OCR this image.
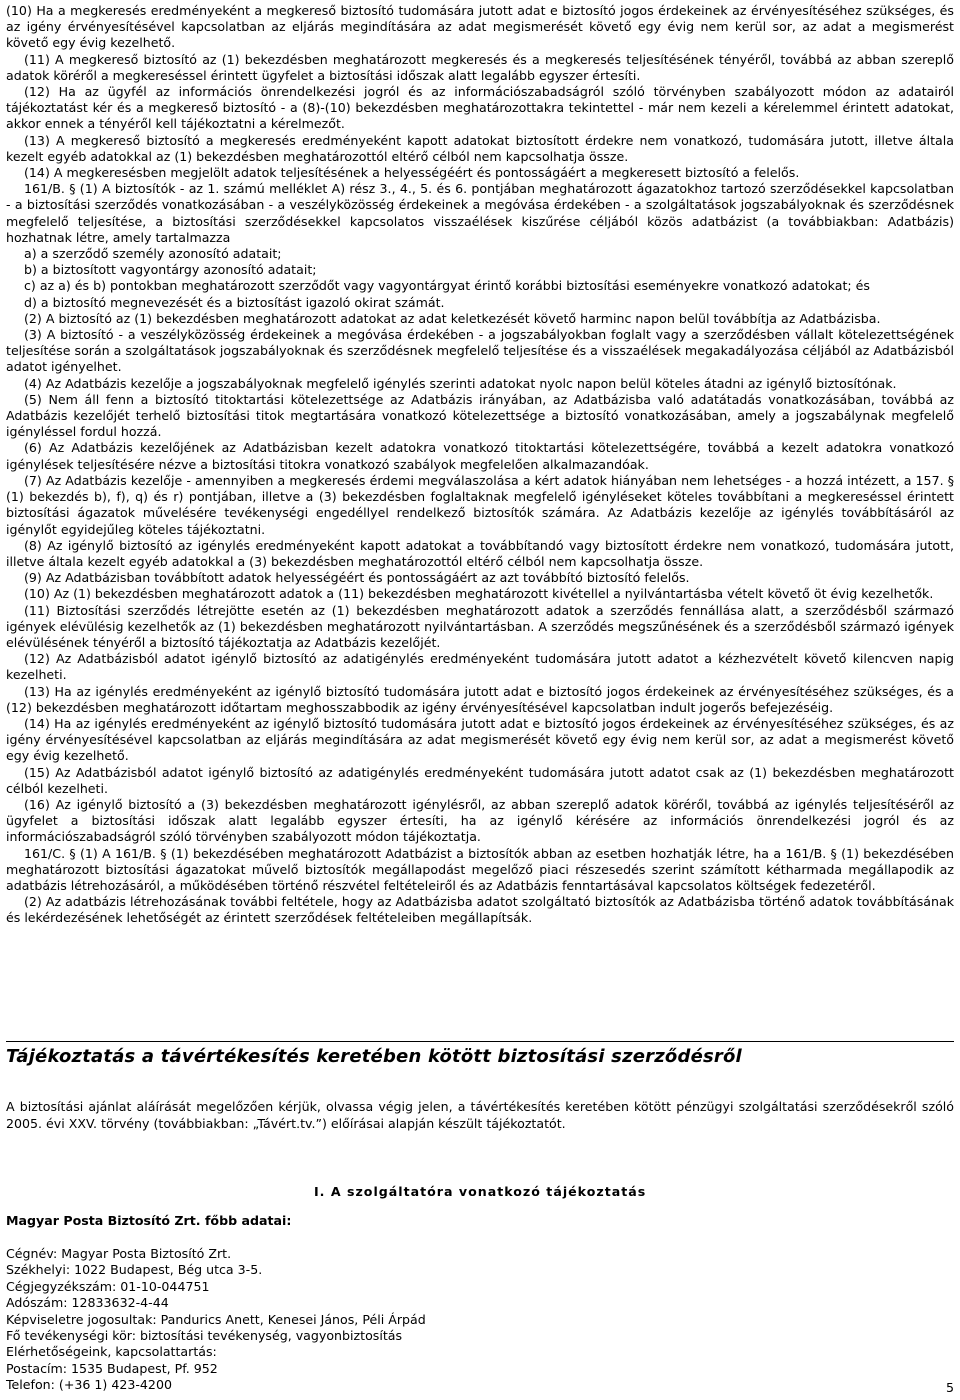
(10) Ha a megkeresés eredményeként a megkereső biztosító tudomására jutott adat e biztosító jogos érdekeinek az érvényesítéséhez szükséges, és az igény érvényesítésével kapcsolatban az eljárás megindítására az adat megismerését követő egy évig nem kerül sor, az adat a megismerést követő egy évig kezelhető.

(11) A megkereső biztosító az (1) bekezdésben meghatározott megkeresés és a megkeresés teljesítésének tényéről, továbbá az abban szereplő adatok köréről a megkereséssel érintett ügyfelet a biztosítási időszak alatt legalább egyszer értesíti.

(12) Ha az ügyfél az információs önrendelkezési jogról és az információszabadságról szóló törvényben szabályozott módon az adatairól tájékoztatást kér és a megkereső biztosító - a (8)-(10) bekezdésben meghatározottakra tekintettel - már nem kezeli a kérelemmel érintett adatokat, akkor ennek a tényéről kell tájékoztatni a kérelmezőt.

(13) A megkereső biztosító a megkeresés eredményeként kapott adatokat biztosított érdekre nem vonatkozó, tudomására jutott, illetve általa kezelt egyéb adatokkal az (1) bekezdésben meghatározottól eltérő célból nem kapcsolhatja össze.

(14) A megkeresésben megjelölt adatok teljesítésének a helyességéért és pontosságáért a megkeresett biztosító a felelős.

161/B. § (1) A biztosítók - az 1. számú melléklet A) rész 3., 4., 5. és 6. pontjában meghatározott ágazatokhoz tartozó szerződésekkel kapcsolatban - a biztosítási szerződés vonatkozásában - a veszélyközösség érdekeinek a megóvása érdekében - a szolgáltatások jogszabályoknak és szerződésnek megfelelő teljesítése, a biztosítási szerződésekkel kapcsolatos visszaélések kiszűrése céljából közös adatbázist (a továbbiakban: Adatbázis) hozhatnak létre, amely tartalmazza

a) a szerződő személy azonosító adatait;

b) a biztosított vagyontárgy azonosító adatait;

c) az a) és b) pontokban meghatározott szerződőt vagy vagyontárgyat érintő korábbi biztosítási eseményekre vonatkozó adatokat; és

d) a biztosító megnevezését és a biztosítást igazoló okirat számát.

(2) A biztosító az (1) bekezdésben meghatározott adatokat az adat keletkezését követő harminc napon belül továbbítja az Adatbázisba.

(3) A biztosító - a veszélyközösség érdekeinek a megóvása érdekében - a jogszabályokban foglalt vagy a szerződésben vállalt kötelezettségének teljesítése során a szolgáltatások jogszabályoknak és szerződésnek megfelelő teljesítése és a visszaélések megakadályozása céljából az Adatbázisból adatot igényelhet.

(4) Az Adatbázis kezelője a jogszabályoknak megfelelő igénylés szerinti adatokat nyolc napon belül köteles átadni az igénylő biztosítónak.

(5) Nem áll fenn a biztosító titoktartási kötelezettsége az Adatbázis irányában, az Adatbázisba való adatátadás vonatkozásában, továbbá az Adatbázis kezelőjét terhelő biztosítási titok megtartására vonatkozó kötelezettsége a biztosító vonatkozásában, amely a jogszabálynak megfelelő igényléssel fordul hozzá.

(6) Az Adatbázis kezelőjének az Adatbázisban kezelt adatokra vonatkozó titoktartási kötelezettségére, továbbá a kezelt adatokra vonatkozó igénylések teljesítésére nézve a biztosítási titokra vonatkozó szabályok megfelelően alkalmazandóak.

(7) Az Adatbázis kezelője - amennyiben a megkeresés érdemi megválaszolása a kért adatok hiányában nem lehetséges - a hozzá intézett, a 157. § (1) bekezdés b), f), q) és r) pontjában, illetve a (3) bekezdésben foglaltaknak megfelelő igényléseket köteles továbbítani a megkereséssel érintett biztosítási ágazatok művelésére tevékenységi engedéllyel rendelkező biztosítók számára. Az Adatbázis kezelője az igénylés továbbításáról az igénylőt egyidejűleg köteles tájékoztatni.

(8) Az igénylő biztosító az igénylés eredményeként kapott adatokat a továbbítandó vagy biztosított érdekre nem vonatkozó, tudomására jutott, illetve általa kezelt egyéb adatokkal a (3) bekezdésben meghatározottól eltérő célból nem kapcsolhatja össze.

(9) Az Adatbázisban továbbított adatok helyességéért és pontosságáért az azt továbbító biztosító felelős.

(10) Az (1) bekezdésben meghatározott adatok a (11) bekezdésben meghatározott kivétellel a nyilvántartásba vételt követő öt évig kezelhetők.

(11) Biztosítási szerződés létrejötte esetén az (1) bekezdésben meghatározott adatok a szerződés fennállása alatt, a szerződésből származó igények elévülésig kezelhetők az (1) bekezdésben meghatározott nyilvántartásban. A szerződés megszűnésének és a szerződésből származó igények elévülésének tényéről a biztosító tájékoztatja az Adatbázis kezelőjét.

(12) Az Adatbázisból adatot igénylő biztosító az adatigénylés eredményeként tudomására jutott adatot a kézhezvételt követő kilencven napig kezelheti.

(13) Ha az igénylés eredményeként az igénylő biztosító tudomására jutott adat e biztosító jogos érdekeinek az érvényesítéséhez szükséges, és a (12) bekezdésben meghatározott időtartam meghosszabbodik az igény érvényesítésével kapcsolatban indult jogerős befejezéséig.

(14) Ha az igénylés eredményeként az igénylő biztosító tudomására jutott adat e biztosító jogos érdekeinek az érvényesítéséhez szükséges, és az igény érvényesítésével kapcsolatban az eljárás megindítására az adat megismerését követő egy évig nem kerül sor, az adat a megismerést követő egy évig kezelhető.

(15) Az Adatbázisból adatot igénylő biztosító az adatigénylés eredményeként tudomására jutott adatot csak az (1) bekezdésben meghatározott célból kezelheti.

(16) Az igénylő biztosító a (3) bekezdésben meghatározott igénylésről, az abban szereplő adatok köréről, továbbá az igénylés teljesítéséről az ügyfelet a biztosítási időszak alatt legalább egyszer értesíti, ha az igénylő kérésére az információs önrendelkezési jogról és az információszabadságról szóló törvényben szabályozott módon tájékoztatja.

161/C. § (1) A 161/B. § (1) bekezdésében meghatározott Adatbázist a biztosítók abban az esetben hozhatják létre, ha a 161/B. § (1) bekezdésében meghatározott biztosítási ágazatokat művelő biztosítók megállapodást megelőző piaci részesedés szerint számított kétharmada megállapodik az adatbázis létrehozásáról, a működésében történő részvétel feltételeiről és az Adatbázis fenntartásával kapcsolatos költségek fedezetéről.

(2) Az adatbázis létrehozásának további feltétele, hogy az Adatbázisba adatot szolgáltató biztosítók az Adatbázisba történő adatok továbbításának és lekérdezésének lehetőségét az érintett szerződések feltételeiben megállapítsák.

Tájékoztatás a távértékesítés keretében kötött biztosítási szerződésről
A biztosítási ajánlat aláírását megelőzően kérjük, olvassa végig jelen, a távértékesítés keretében kötött pénzügyi szolgáltatási szerződésekről szóló 2005. évi XXV. törvény (továbbiakban: „Távért.tv.”) előírásai alapján készült tájékoztatót.
I. A szolgáltatóra vonatkozó tájékoztatás
Magyar Posta Biztosító Zrt. főbb adatai:
Cégnév: Magyar Posta Biztosító Zrt.
Székhelyi: 1022 Budapest, Bég utca 3-5.
Cégjegyzékszám: 01-10-044751
Adószám: 12833632-4-44
Képviseletre jogosultak: Pandurics Anett, Kenesei János, Péli Árpád
Fő tevékenységi kör: biztosítási tevékenység, vagyonbiztosítás
Elérhetőségeink, kapcsolattartás:
Postacím: 1535 Budapest, Pf. 952
Telefon: (+36 1) 423-4200	5
